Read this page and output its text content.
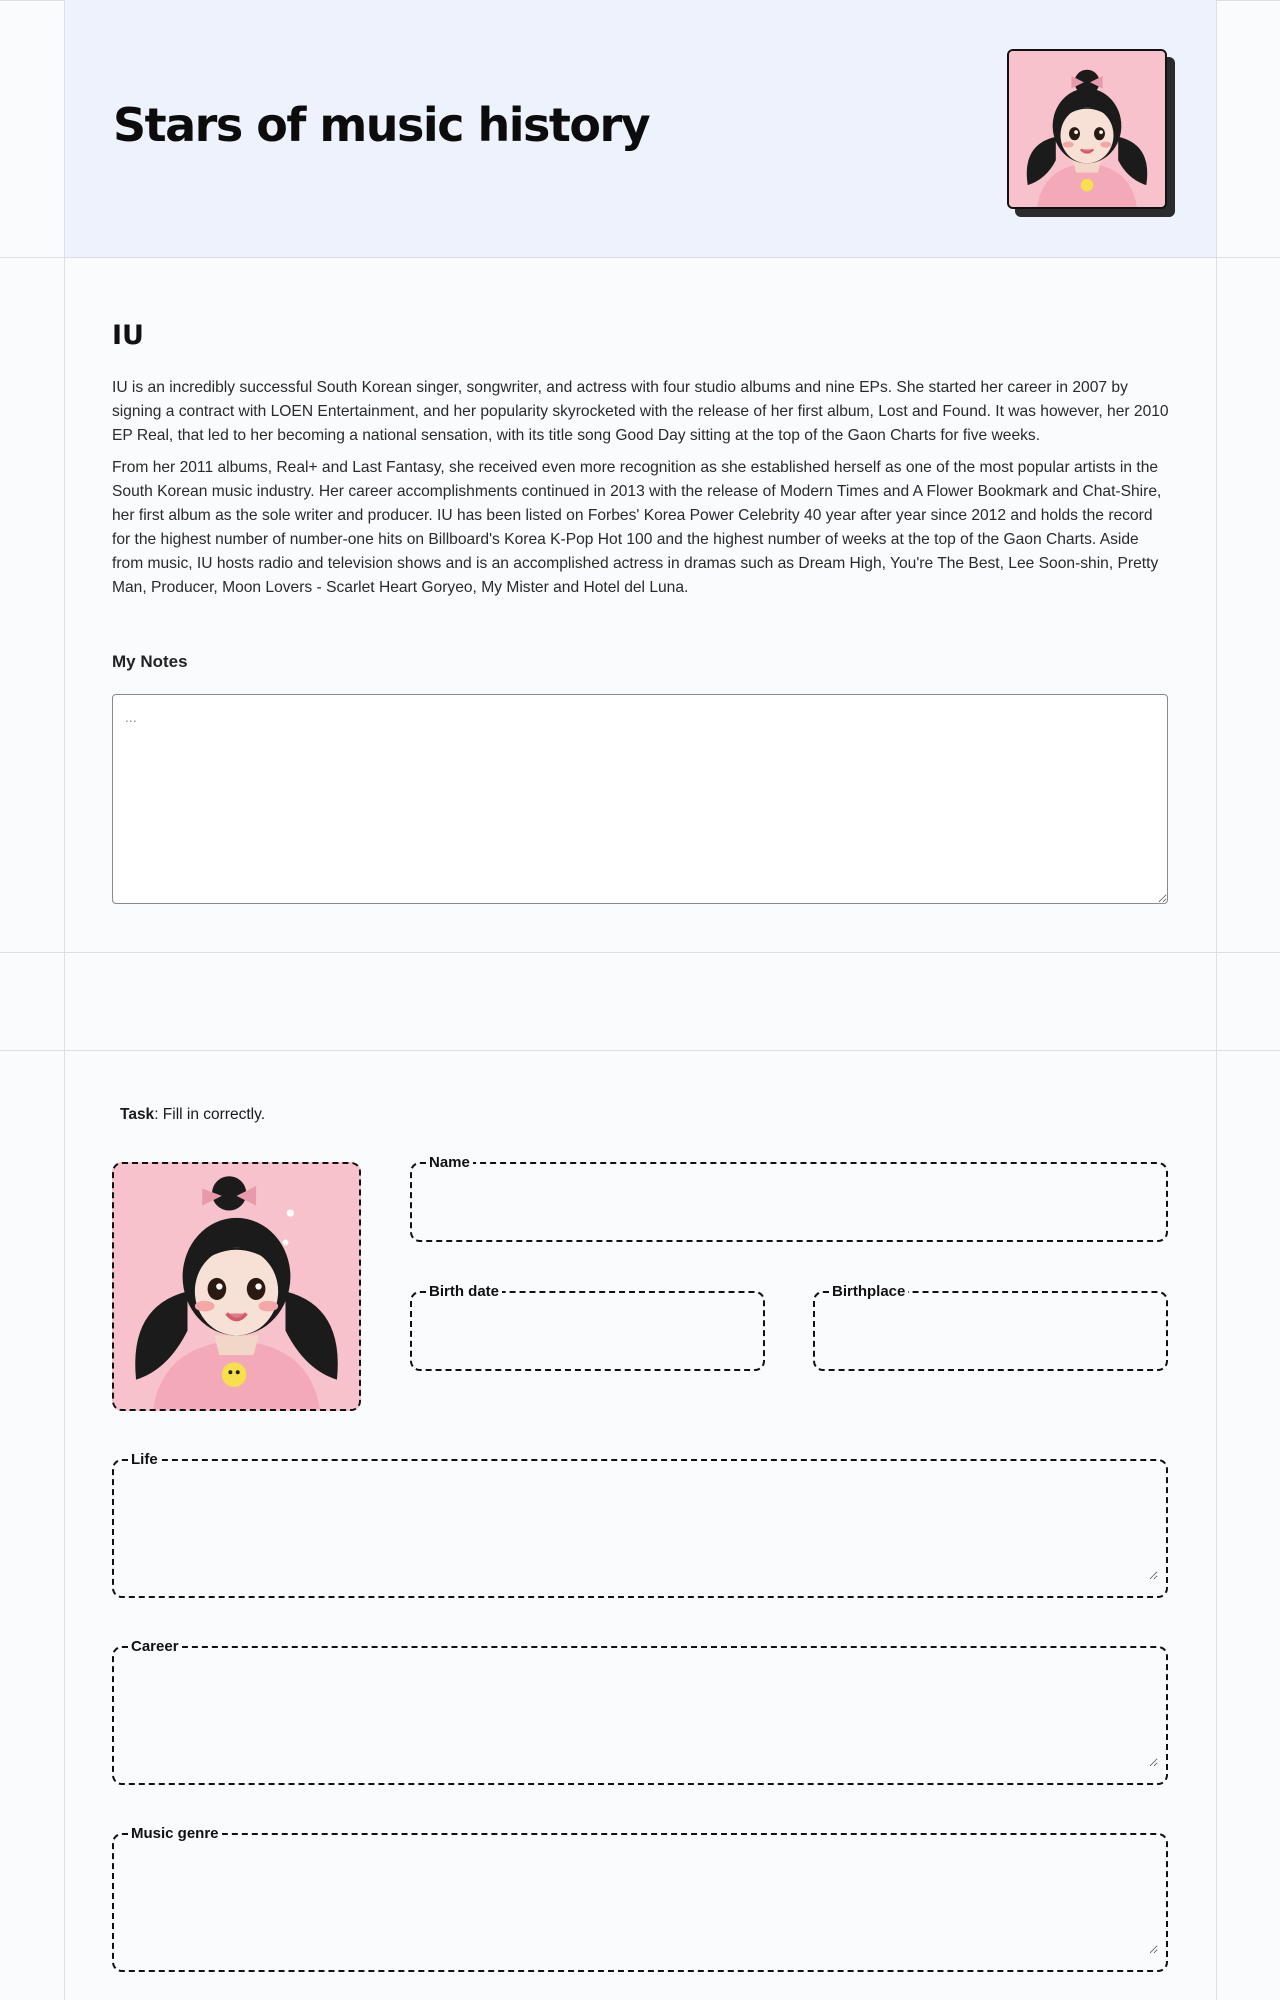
Stars of music history
IU

IU is an incredibly successful South Korean singer, songwriter, and actress with four studio albums and nine EPs. She started her career in 2007 by signing a contract with LOEN Entertainment, and her popularity skyrocketed with the release of her first album, Lost and Found. It was however, her 2010 EP Real, that led to her becoming a national sensation, with its title song Good Day sitting at the top of the Gaon Charts for five weeks.

From her 2011 albums, Real+ and Last Fantasy, she received even more recognition as she established herself as one of the most popular artists in the South Korean music industry. Her career accomplishments continued in 2013 with the release of Modern Times and A Flower Bookmark and Chat-Shire, her first album as the sole writer and producer. IU has been listed on Forbes' Korea Power Celebrity 40 year after year since 2012 and holds the record for the highest number of number-one hits on Billboard's Korea K-Pop Hot 100 and the highest number of weeks at the top of the Gaon Charts. Aside from music, IU hosts radio and television shows and is an accomplished actress in dramas such as Dream High, You're The Best, Lee Soon-shin, Pretty Man, Producer, Moon Lovers - Scarlet Heart Goryeo, My Mister and Hotel del Luna.

My Notes
...
Task: Fill in correctly.
Name
Birth date	Birthplace
Life
Career
Music genre
